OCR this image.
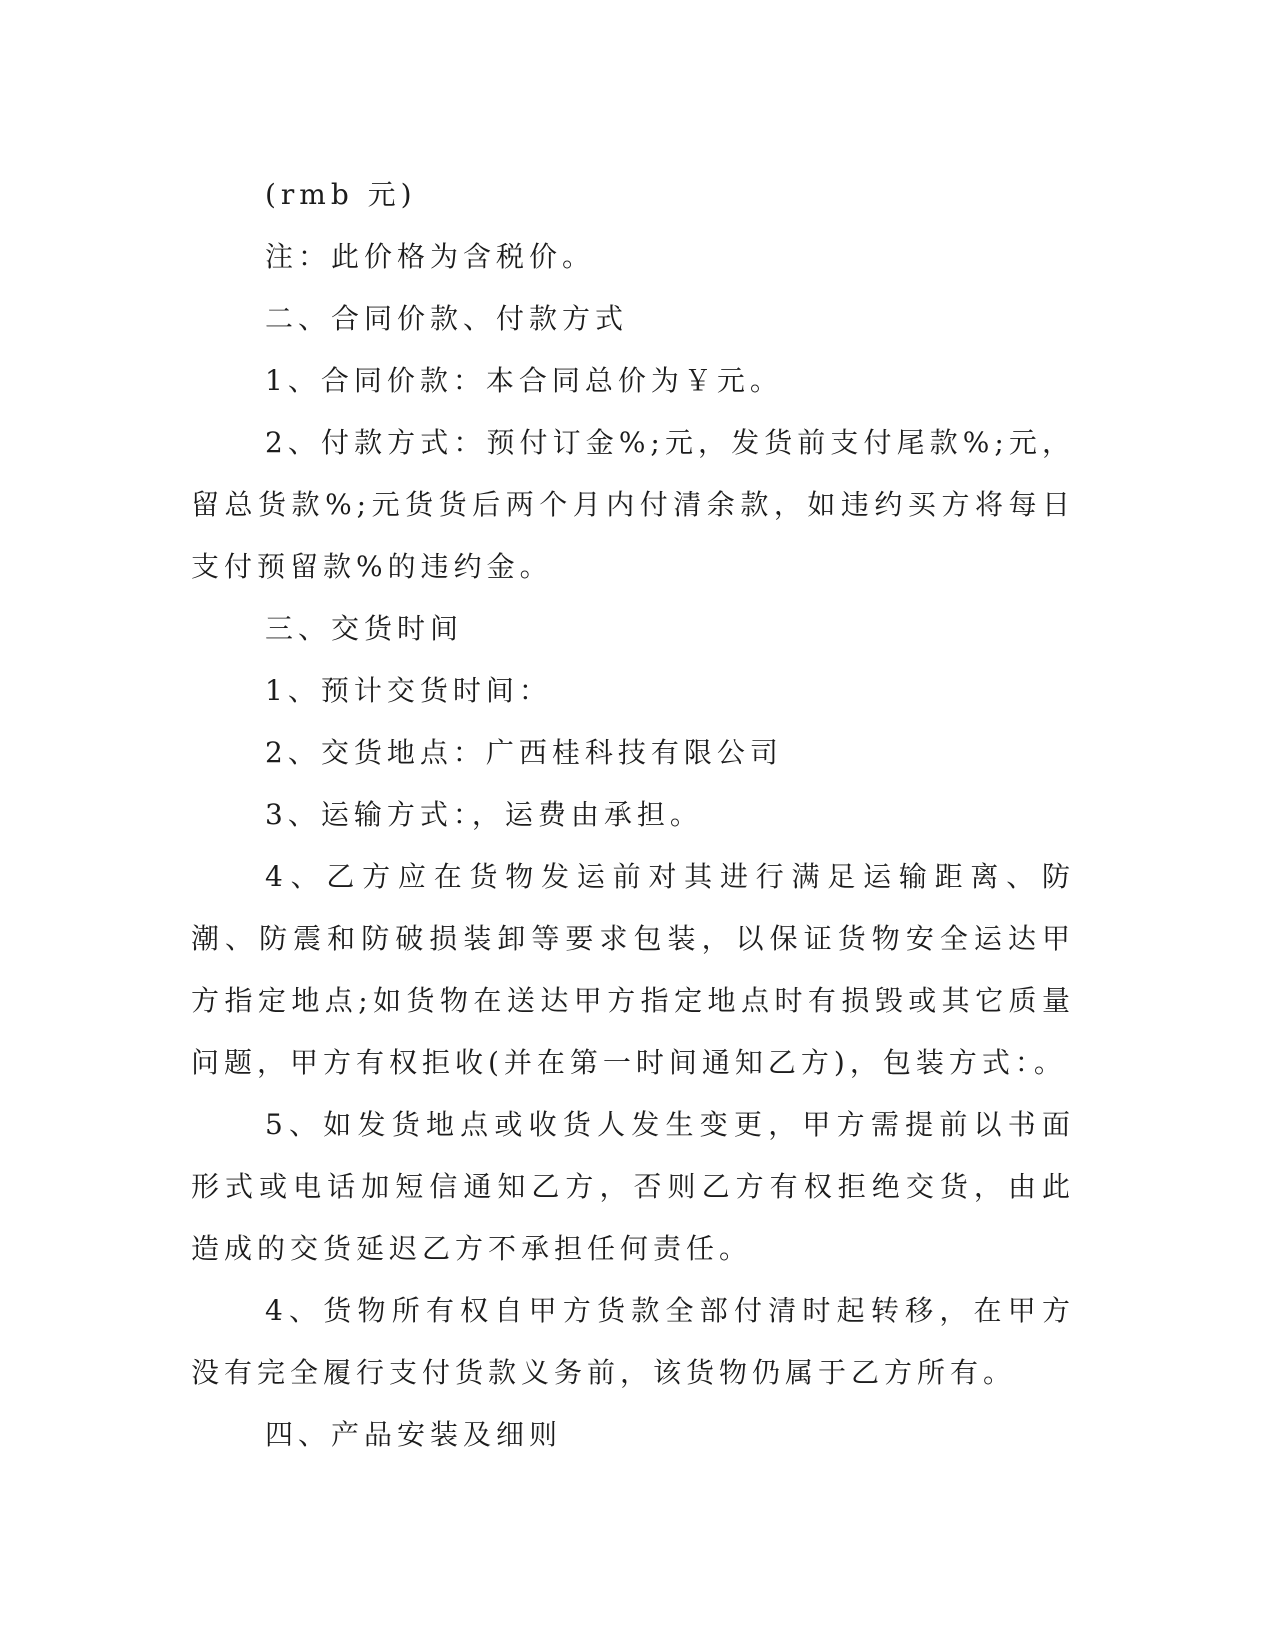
(rmb 元)

注：此价格为含税价。

二、合同价款、付款方式

1、合同价款：本合同总价为￥元。

2、付款方式：预付订金%;元，发货前支付尾款%;元，留总货款%;元货货后两个月内付清余款，如违约买方将每日支付预留款%的违约金。

三、交货时间

1、预计交货时间：

2、交货地点：广西桂科技有限公司

3、运输方式：，运费由承担。

4、乙方应在货物发运前对其进行满足运输距离、防潮、防震和防破损装卸等要求包装，以保证货物安全运达甲方指定地点;如货物在送达甲方指定地点时有损毁或其它质量问题，甲方有权拒收(并在第一时间通知乙方)，包装方式：。

5、如发货地点或收货人发生变更，甲方需提前以书面形式或电话加短信通知乙方，否则乙方有权拒绝交货，由此造成的交货延迟乙方不承担任何责任。

4、货物所有权自甲方货款全部付清时起转移，在甲方没有完全履行支付货款义务前，该货物仍属于乙方所有。

四、产品安装及细则
